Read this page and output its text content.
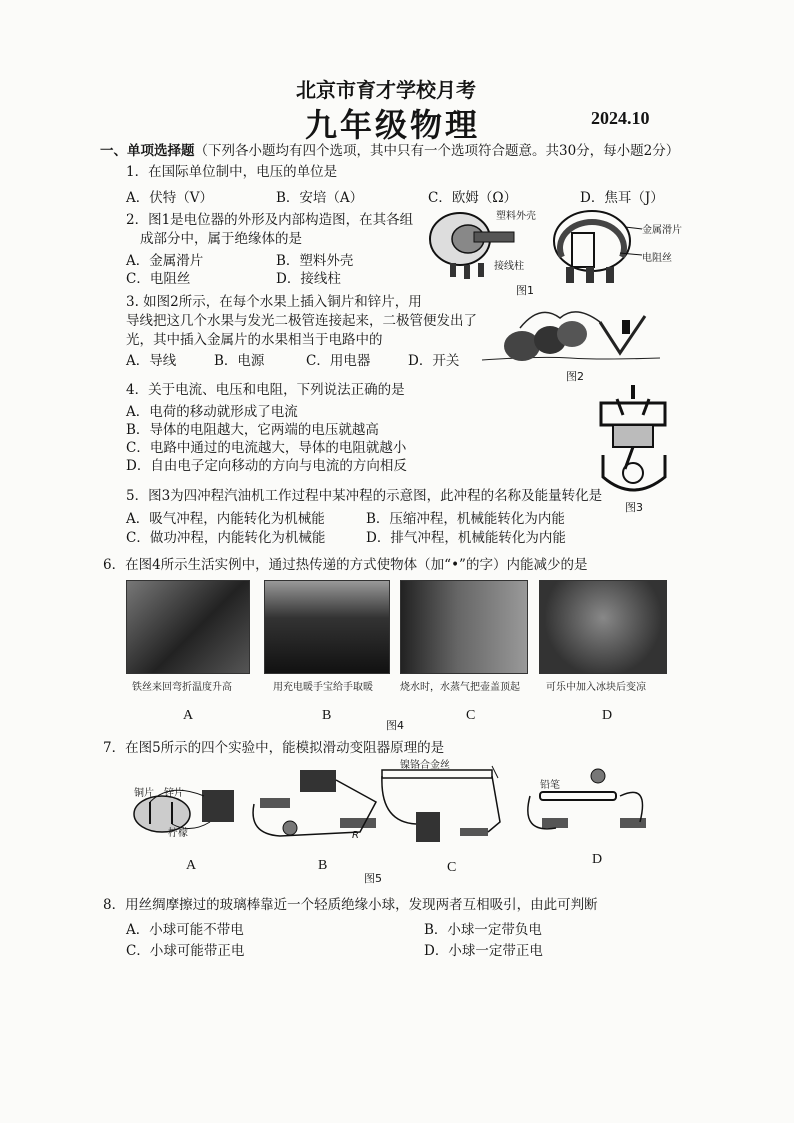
北京市育才学校月考
九年级物理	2024.10
一、单项选择题（下列各小题均有四个选项，其中只有一个选项符合题意。共30分，每小题2分）
1．在国际单位制中，电压的单位是
A．伏特（V）	B．安培（A）	C．欧姆（Ω）	D．焦耳（J）
2．图1是电位器的外形及内部构造图，在其各组
成部分中，属于绝缘体的是
A．金属滑片	B．塑料外壳
C．电阻丝	D．接线柱
塑料外壳
金属滑片
接线柱
电阻丝
图1
3. 如图2所示，在每个水果上插入铜片和锌片，用
导线把这几个水果与发光二极管连接起来，二极管便发出了
光，其中插入金属片的水果相当于电路中的
A．导线	B．电源	C．用电器	D．开关
图2
4．关于电流、电压和电阻，下列说法正确的是
A．电荷的移动就形成了电流
B．导体的电阻越大，它两端的电压就越高
C．电路中通过的电流越大，导体的电阻就越小
D．自由电子定向移动的方向与电流的方向相反
图3
5．图3为四冲程汽油机工作过程中某冲程的示意图，此冲程的名称及能量转化是
A．吸气冲程，内能转化为机械能	B．压缩冲程，机械能转化为内能
C．做功冲程，内能转化为机械能	D．排气冲程，机械能转化为内能
6．在图4所示生活实例中，通过热传递的方式使物体（加“•”的字）内能减少的是
铁丝来回弯折温度升高	用充电暖手宝给手取暖	烧水时，水蒸气把壶盖顶起	可乐中加入冰块后变凉
A	B	C	D
图4
7．在图5所示的四个实验中，能模拟滑动变阻器原理的是
铜片 锌片
柠檬
镍铬合金丝
R
铅笔
A	B	C
D
图5
8．用丝绸摩擦过的玻璃棒靠近一个轻质绝缘小球，发现两者互相吸引，由此可判断
A．小球可能不带电	B．小球一定带负电
C．小球可能带正电	D．小球一定带正电
